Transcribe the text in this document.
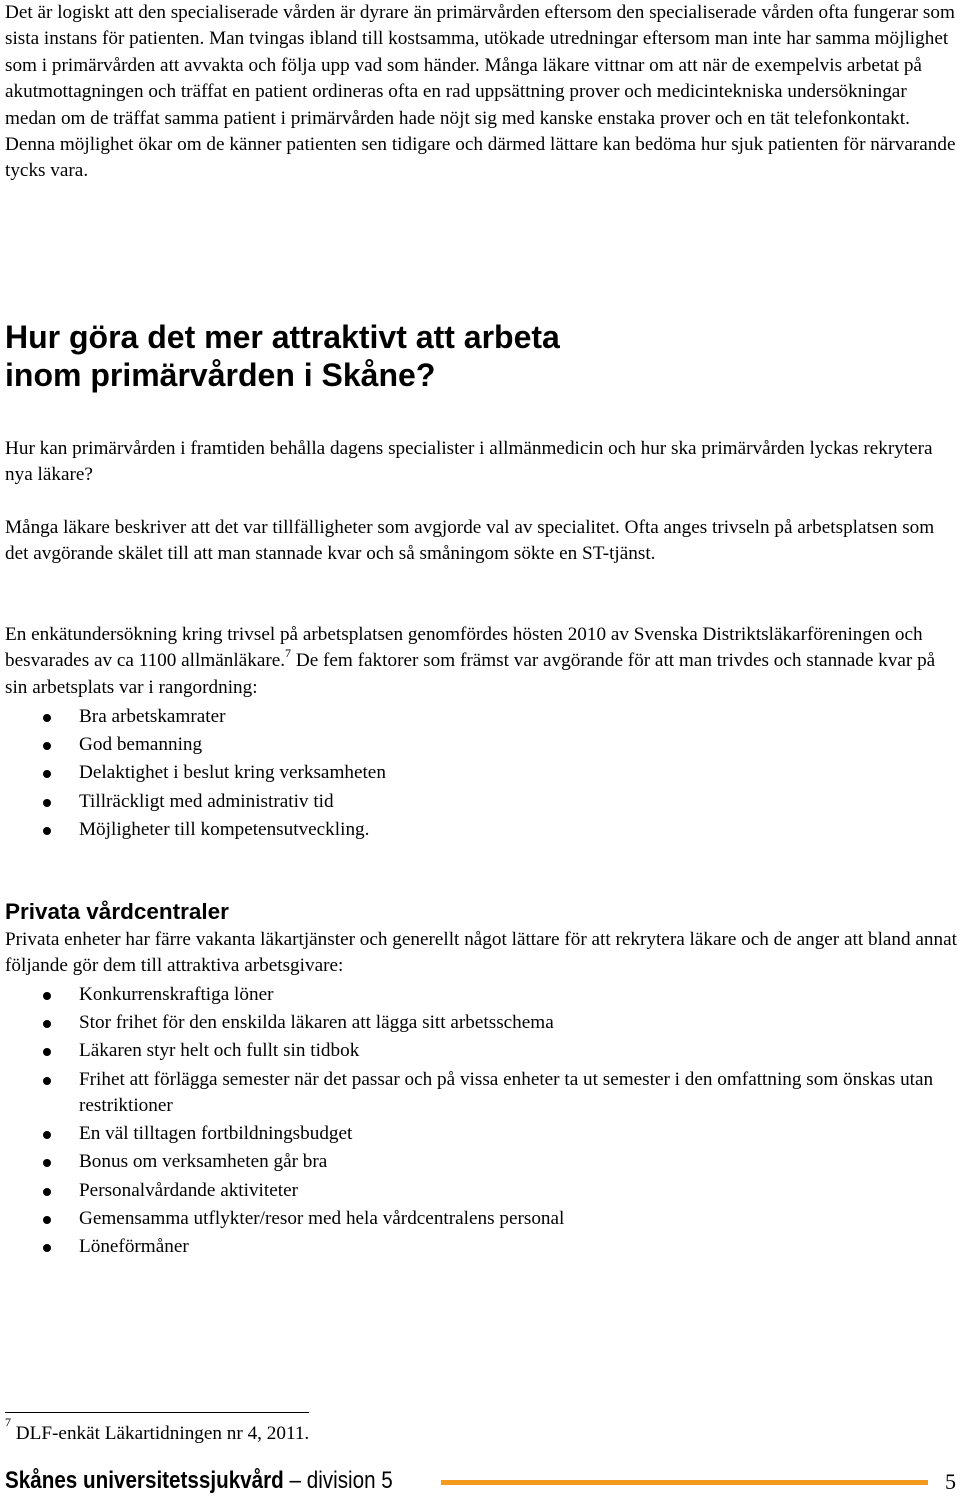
Det är logiskt att den specialiserade vården är dyrare än primärvården eftersom den specialiserade vården ofta fungerar som sista instans för patienten. Man tvingas ibland till kostsamma, utökade utredningar eftersom man inte har samma möjlighet som i primärvården att avvakta och följa upp vad som händer. Många läkare vittnar om att när de exempelvis arbetat på akutmottagningen och träffat en patient ordineras ofta en rad uppsättning prover och medicintekniska undersökningar medan om de träffat samma patient i primärvården hade nöjt sig med kanske enstaka prover och en tät telefonkontakt. Denna möjlighet ökar om de känner patienten sen tidigare och därmed lättare kan bedöma hur sjuk patienten för närvarande tycks vara.

Hur göra det mer attraktivt att arbeta
inom primärvården i Skåne?

Hur kan primärvården i framtiden behålla dagens specialister i allmänmedicin och hur ska primärvården lyckas rekrytera nya läkare?

Många läkare beskriver att det var tillfälligheter som avgjorde val av specialitet. Ofta anges trivseln på arbetsplatsen som det avgörande skälet till att man stannade kvar och så småningom sökte en ST-tjänst.

En enkätundersökning kring trivsel på arbetsplatsen genomfördes hösten 2010 av Svenska Distriktsläkarföreningen och besvarades av ca 1100 allmänläkare.$^7$ De fem faktorer som främst var avgörande för att man trivdes och stannade kvar på sin arbetsplats var i rangordning:

Bra arbetskamrater
God bemanning
Delaktighet i beslut kring verksamheten
Tillräckligt med administrativ tid
Möjligheter till kompetensutveckling.
Privata vårdcentraler

Privata enheter har färre vakanta läkartjänster och generellt något lättare för att rekrytera läkare och de anger att bland annat följande gör dem till attraktiva arbetsgivare:

Konkurrenskraftiga löner
Stor frihet för den enskilda läkaren att lägga sitt arbetsschema
Läkaren styr helt och fullt sin tidbok
Frihet att förlägga semester när det passar och på vissa enheter ta ut semester i den omfattning som önskas utan restriktioner
En väl tilltagen fortbildningsbudget
Bonus om verksamheten går bra
Personalvårdande aktiviteter
Gemensamma utflykter/resor med hela vårdcentralens personal
Löneförmåner
$^7$ DLF-enkät Läkartidningen nr 4, 2011.
Skånes universitetssjukvård – division 5	5
